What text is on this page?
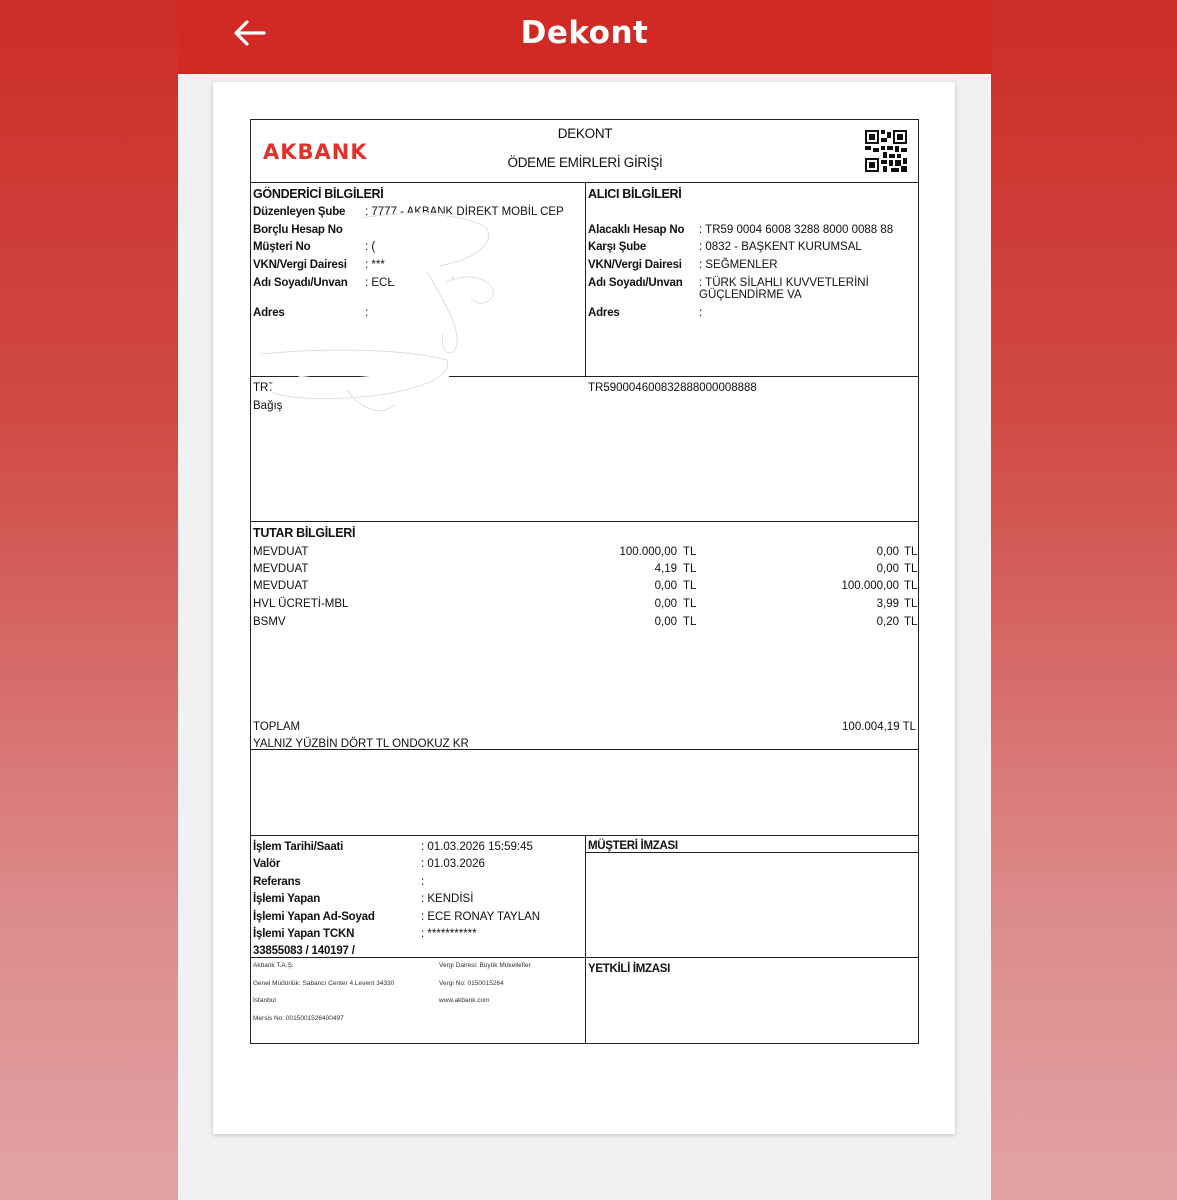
Dekont
AKBANK
DEKONT
ÖDEME EMİRLERİ GİRİŞİ
GÖNDERİCİ BİLGİLERİ
Düzenleyen Şube : 7777 - AKBANK DİREKT MOBİL CEP
Borçlu Hesap No :
Müşteri No	: (
VKN/Vergi Dairesi : ***
Adı Soyadı/Unvan : ECE RONAY T LAN
Adres	:
ALICI BİLGİLERİ
Alacaklı Hesap No : TR59 0004 6008 3288 8000 0088 88
Karşı Şube	: 0832 - BAŞKENT KURUMSAL
VKN/Vergi Dairesi : SEĞMENLER
Adı Soyadı/Unvan : TÜRK SİLAHLI KUVVETLERİNİ
GÜÇLENDİRME VA
Adres	:
TR700004
Bağış
TR590004600832888000008888
TUTAR BİLGİLERİ
MEVDUAT	100.000,00 TL	0,00 TL
MEVDUAT	4,19 TL	0,00 TL
MEVDUAT	0,00 TL	100.000,00 TL
HVL ÜCRETİ-MBL	0,00 TL	3,99 TL
BSMV	0,00 TL	0,20 TL
TOPLAM	100.004,19 TL
YALNIZ YÜZBİN DÖRT TL ONDOKUZ KR
İşlem Tarihi/Saati	: 01.03.2026 15:59:45
Valör	: 01.03.2026
Referans	:
İşlemi Yapan	: KENDİSİ
İşlemi Yapan Ad-Soyad	: ECE RONAY TAYLAN
İşlemi Yapan TCKN	: ***********
33855083 / 140197 /
MÜŞTERİ İMZASI
YETKİLİ İMZASI
Akbank T.A.Ş.
Genel Müdürlük: Sabancı Center 4.Levent 34330
İstanbul
Mersis No: 0015001526400497
Vergi Dairesi: Büyük Mükellefler
Vergi No: 0150015264
www.akbank.com
